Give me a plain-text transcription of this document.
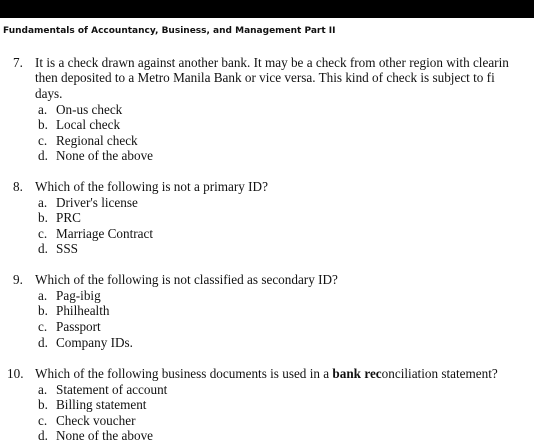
Fundamentals of Accountancy, Business, and Management Part II
7. It is a check drawn against another bank. It may be a check from other region with clearin
then deposited to a Metro Manila Bank or vice versa. This kind of check is subject to fi
days.
a. On-us check
b. Local check
c. Regional check
d. None of the above
8. Which of the following is not a primary ID?
a. Driver's license
b. PRC
c. Marriage Contract
d. SSS
9. Which of the following is not classified as secondary ID?
a. Pag-ibig
b. Philhealth
c. Passport
d. Company IDs.
10. Which of the following business documents is used in a bank reconciliation statement?
a. Statement of account
b. Billing statement
c. Check voucher
d. None of the above
